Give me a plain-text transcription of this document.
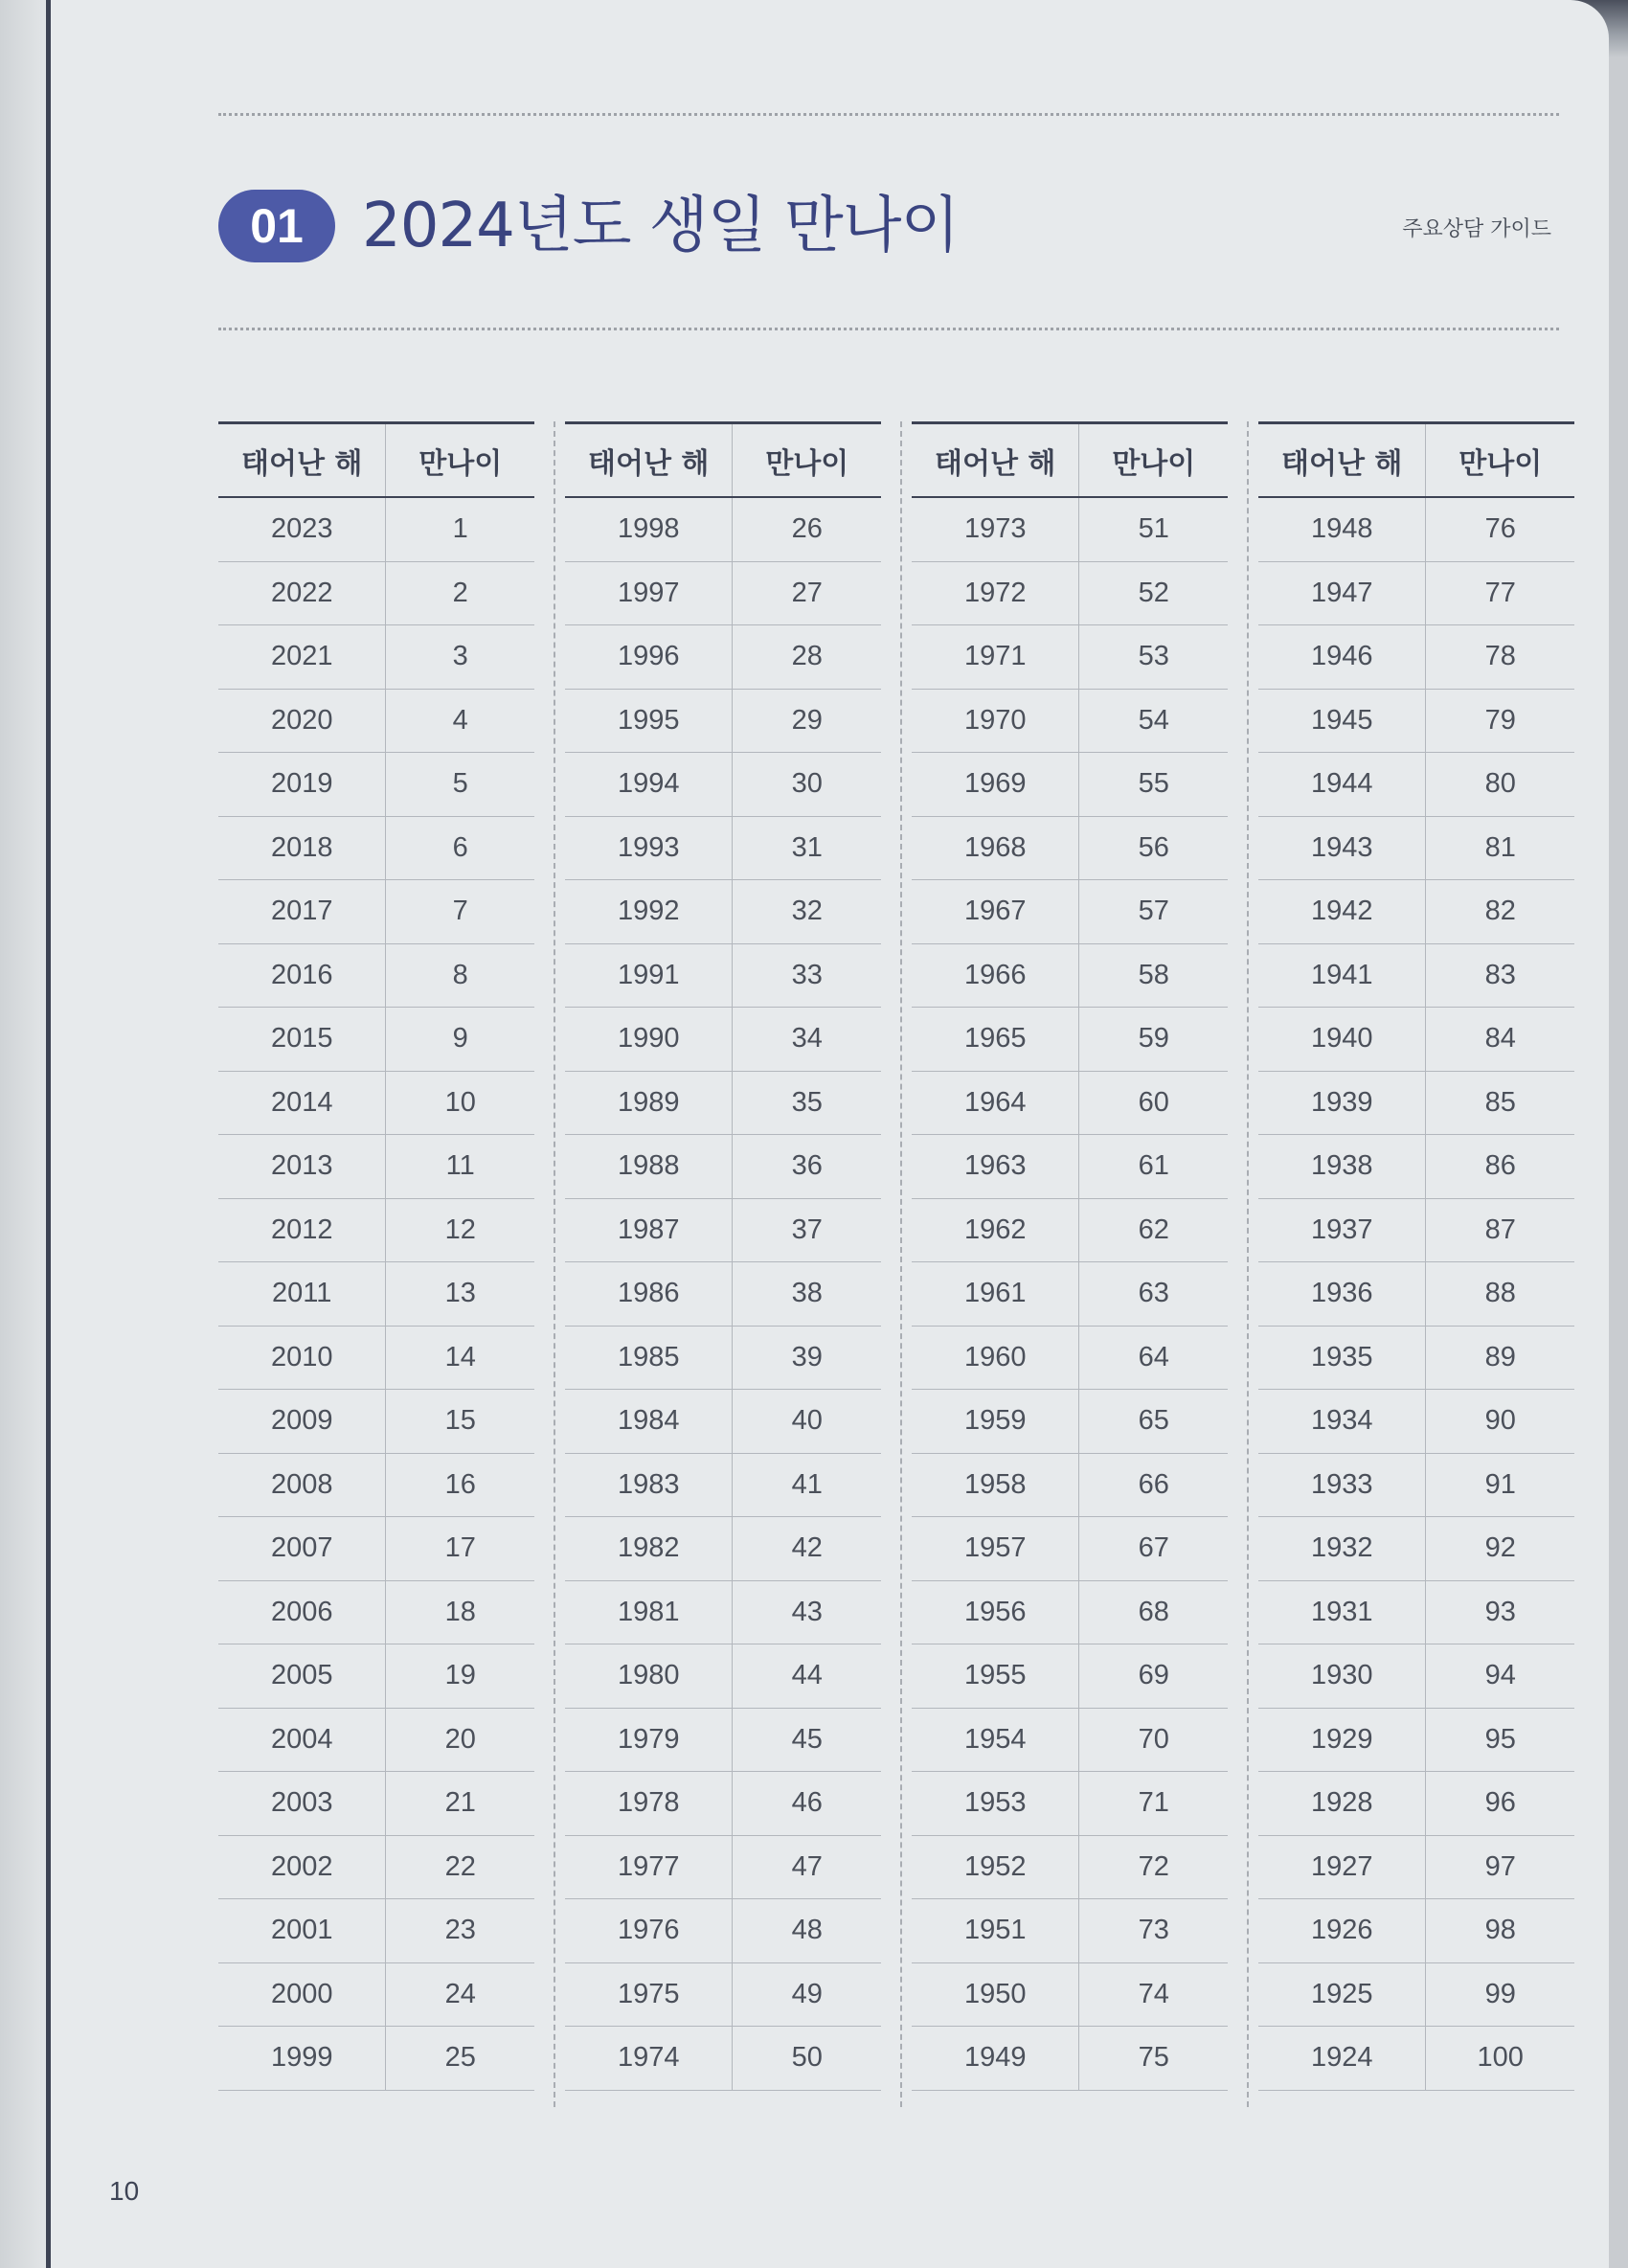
01 2024년도 생일 만나이	주요상담 가이드
태어난 해	만나이
2023	1
2022	2
2021	3
2020	4
2019	5
2018	6
2017	7
2016	8
2015	9
2014	10
2013	11
2012	12
2011	13
2010	14
2009	15
2008	16
2007	17
2006	18
2005	19
2004	20
2003	21
2002	22
2001	23
2000	24
1999	25
태어난 해	만나이
1998	26
1997	27
1996	28
1995	29
1994	30
1993	31
1992	32
1991	33
1990	34
1989	35
1988	36
1987	37
1986	38
1985	39
1984	40
1983	41
1982	42
1981	43
1980	44
1979	45
1978	46
1977	47
1976	48
1975	49
1974	50
태어난 해	만나이
1973	51
1972	52
1971	53
1970	54
1969	55
1968	56
1967	57
1966	58
1965	59
1964	60
1963	61
1962	62
1961	63
1960	64
1959	65
1958	66
1957	67
1956	68
1955	69
1954	70
1953	71
1952	72
1951	73
1950	74
1949	75
태어난 해	만나이
1948	76
1947	77
1946	78
1945	79
1944	80
1943	81
1942	82
1941	83
1940	84
1939	85
1938	86
1937	87
1936	88
1935	89
1934	90
1933	91
1932	92
1931	93
1930	94
1929	95
1928	96
1927	97
1926	98
1925	99
1924	100
10
